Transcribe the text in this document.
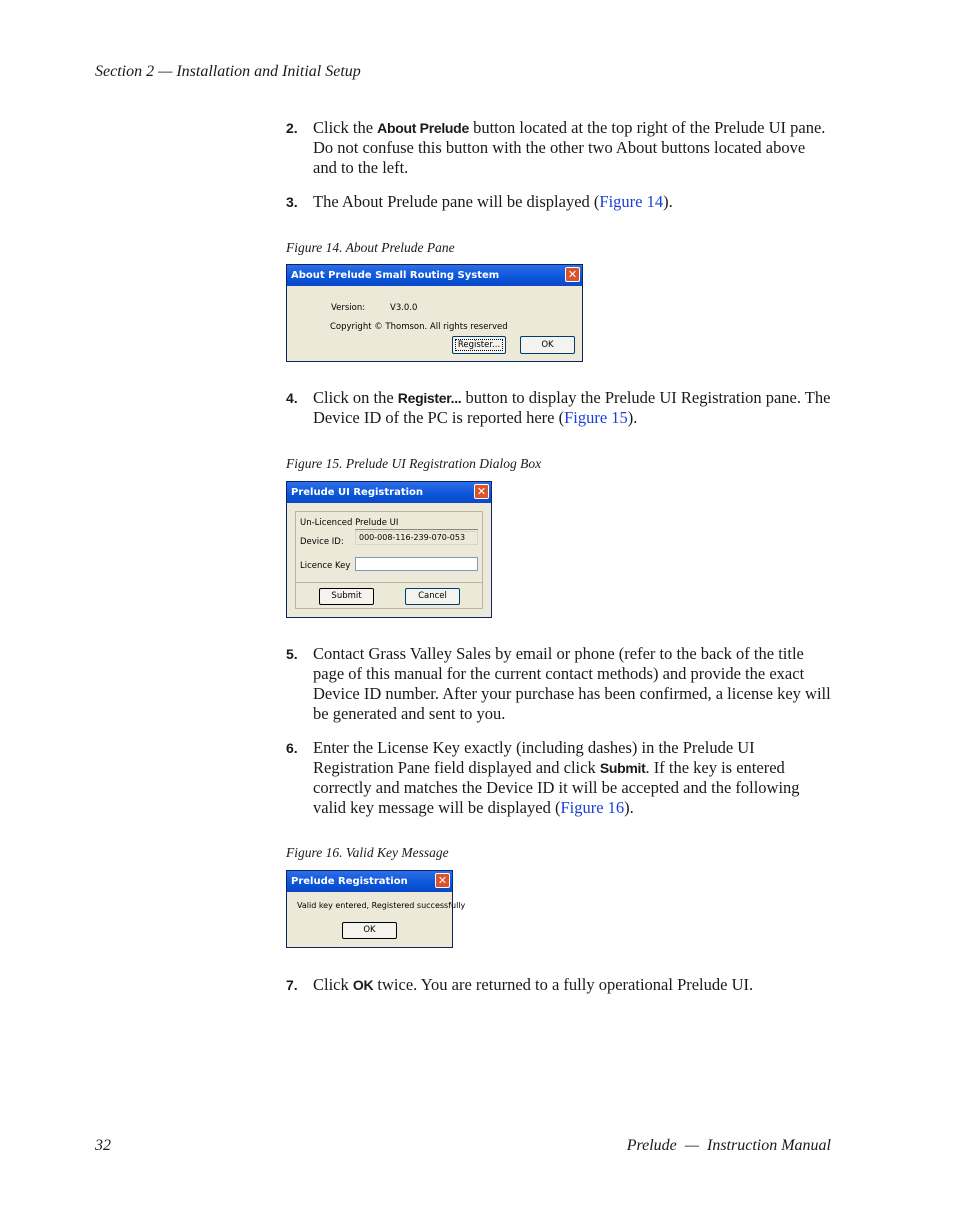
Section 2 — Installation and Initial Setup
2. Click the About Prelude button located at the top right of the Prelude UI pane. Do not confuse this button with the other two About buttons located above and to the left.
3. The About Prelude pane will be displayed (Figure 14).
Figure 14. About Prelude Pane
About Prelude Small Routing System	✕
Version:	V3.0.0
Copyright © Thomson. All rights reserved
Register...	OK
4. Click on the Register... button to display the Prelude UI Registration pane. The Device ID of the PC is reported here (Figure 15).
Figure 15. Prelude UI Registration Dialog Box
Prelude UI Registration	✕
Un-Licenced Prelude UI
Device ID:	000-008-116-239-070-053
Licence Key
Submit	Cancel
5. Contact Grass Valley Sales by email or phone (refer to the back of the title page of this manual for the current contact methods) and provide the exact Device ID number. After your purchase has been confirmed, a license key will be generated and sent to you.
6. Enter the License Key exactly (including dashes) in the Prelude UI Registration Pane field displayed and click Submit. If the key is entered correctly and matches the Device ID it will be accepted and the following valid key message will be displayed (Figure 16).
Figure 16. Valid Key Message
Prelude Registration	✕
Valid key entered, Registered successfully
OK
7. Click OK twice. You are returned to a fully operational Prelude UI.
32	Prelude  —  Instruction Manual
